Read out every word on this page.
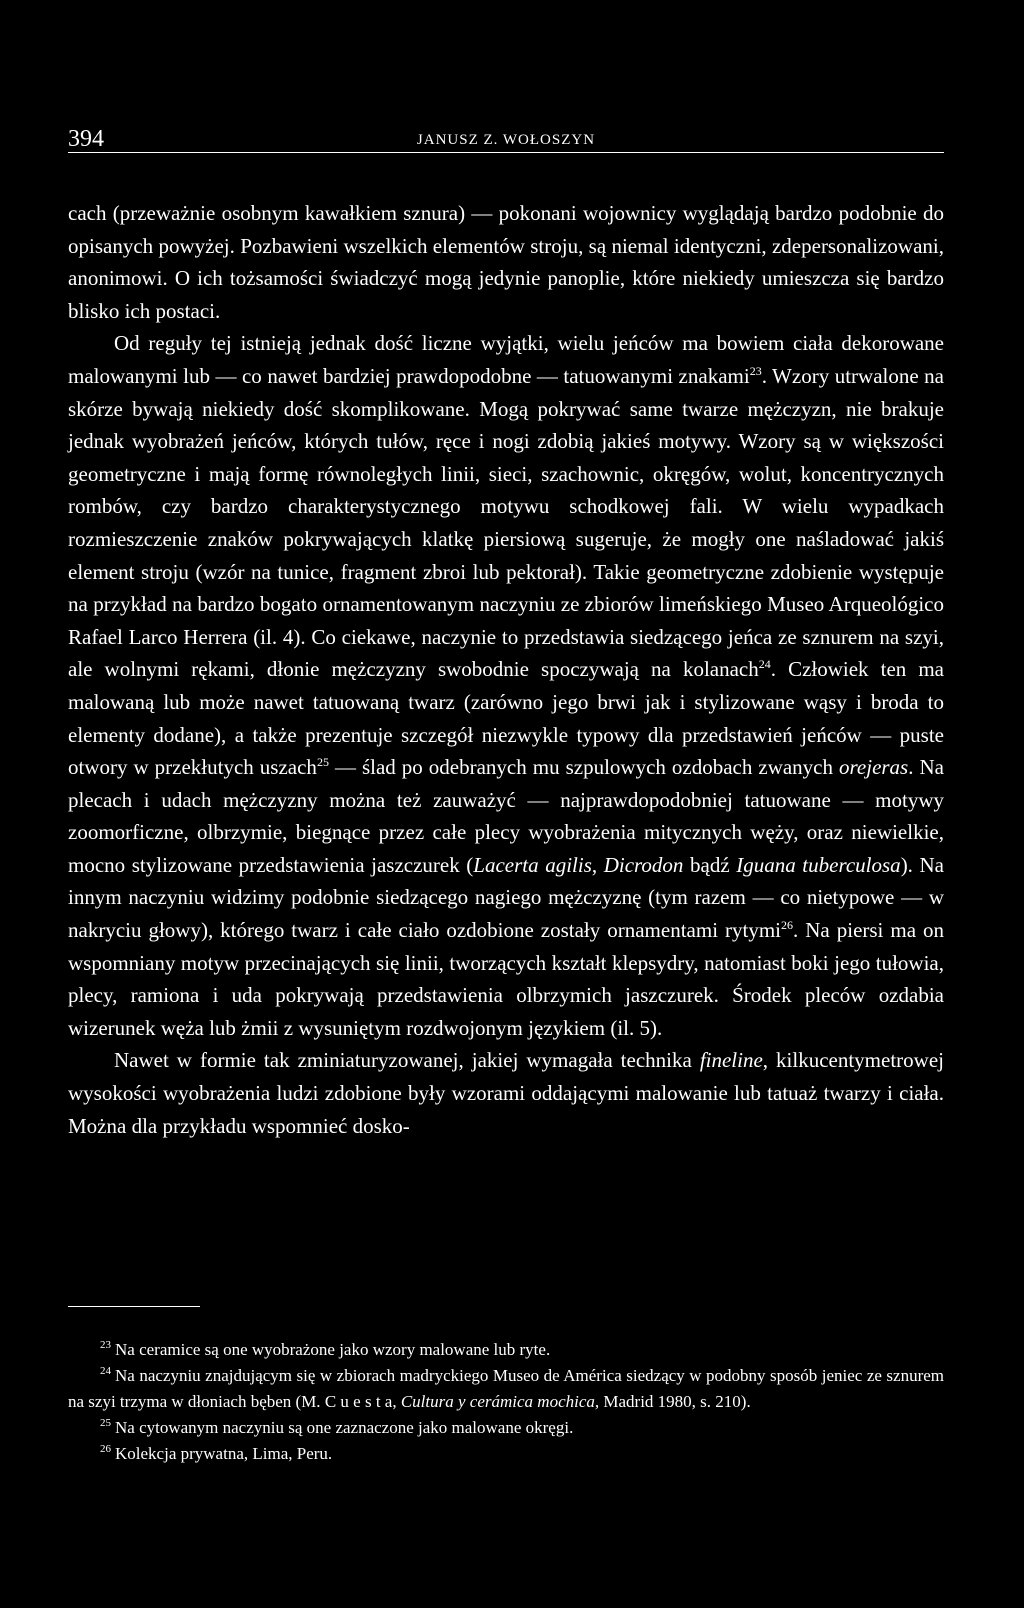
394	JANUSZ Z. WOŁOSZYN

cach (przeważnie osobnym kawałkiem sznura) — pokonani wojownicy wyglądają bardzo podobnie do opisanych powyżej. Pozbawieni wszelkich elementów stroju, są niemal identyczni, zdepersonalizowani, anonimowi. O ich tożsamości świadczyć mogą jedynie panoplie, które niekiedy umieszcza się bardzo blisko ich postaci.

Od reguły tej istnieją jednak dość liczne wyjątki, wielu jeńców ma bowiem ciała dekorowane malowanymi lub — co nawet bardziej prawdopodobne — tatuowanymi znakami$^{23}$. Wzory utrwalone na skórze bywają niekiedy dość skomplikowane. Mogą pokrywać same twarze mężczyzn, nie brakuje jednak wyobrażeń jeńców, których tułów, ręce i nogi zdobią jakieś motywy. Wzory są w większości geometryczne i mają formę równoległych linii, sieci, szachownic, okręgów, wolut, koncentrycznych rombów, czy bardzo charakterystycznego motywu schodkowej fali. W wielu wypadkach rozmieszczenie znaków pokrywających klatkę piersiową sugeruje, że mogły one naśladować jakiś element stroju (wzór na tunice, fragment zbroi lub pektorał). Takie geometryczne zdobienie występuje na przykład na bardzo bogato ornamentowanym naczyniu ze zbiorów limeńskiego Museo Arqueológico Rafael Larco Herrera (il. 4). Co ciekawe, naczynie to przedstawia siedzącego jeńca ze sznurem na szyi, ale wolnymi rękami, dłonie mężczyzny swobodnie spoczywają na kolanach$^{24}$. Człowiek ten ma malowaną lub może nawet tatuowaną twarz (zarówno jego brwi jak i stylizowane wąsy i broda to elementy dodane), a także prezentuje szczegół niezwykle typowy dla przedstawień jeńców — puste otwory w przekłutych uszach$^{25}$ — ślad po odebranych mu szpulowych ozdobach zwanych orejeras. Na plecach i udach mężczyzny można też zauważyć — najprawdopodobniej tatuowane — motywy zoomorficzne, olbrzymie, biegnące przez całe plecy wyobrażenia mitycznych węży, oraz niewielkie, mocno stylizowane przedstawienia jaszczurek (Lacerta agilis, Dicrodon bądź Iguana tuberculosa). Na innym naczyniu widzimy podobnie siedzącego nagiego mężczyznę (tym razem — co nietypowe — w nakryciu głowy), którego twarz i całe ciało ozdobione zostały ornamentami rytymi$^{26}$. Na piersi ma on wspomniany motyw przecinających się linii, tworzących kształt klepsydry, natomiast boki jego tułowia, plecy, ramiona i uda pokrywają przedstawienia olbrzymich jaszczurek. Środek pleców ozdabia wizerunek węża lub żmii z wysuniętym rozdwojonym językiem (il. 5).

Nawet w formie tak zminiaturyzowanej, jakiej wymagała technika fineline, kilkucentymetrowej wysokości wyobrażenia ludzi zdobione były wzorami oddającymi malowanie lub tatuaż twarzy i ciała. Można dla przykładu wspomnieć dosko-

$^{23}$ Na ceramice są one wyobrażone jako wzory malowane lub ryte.

$^{24}$ Na naczyniu znajdującym się w zbiorach madryckiego Museo de América siedzący w podobny sposób jeniec ze sznurem na szyi trzyma w dłoniach bęben (M. C u e s t a, Cultura y cerámica mochica, Madrid 1980, s. 210).

$^{25}$ Na cytowanym naczyniu są one zaznaczone jako malowane okręgi.

$^{26}$ Kolekcja prywatna, Lima, Peru.
